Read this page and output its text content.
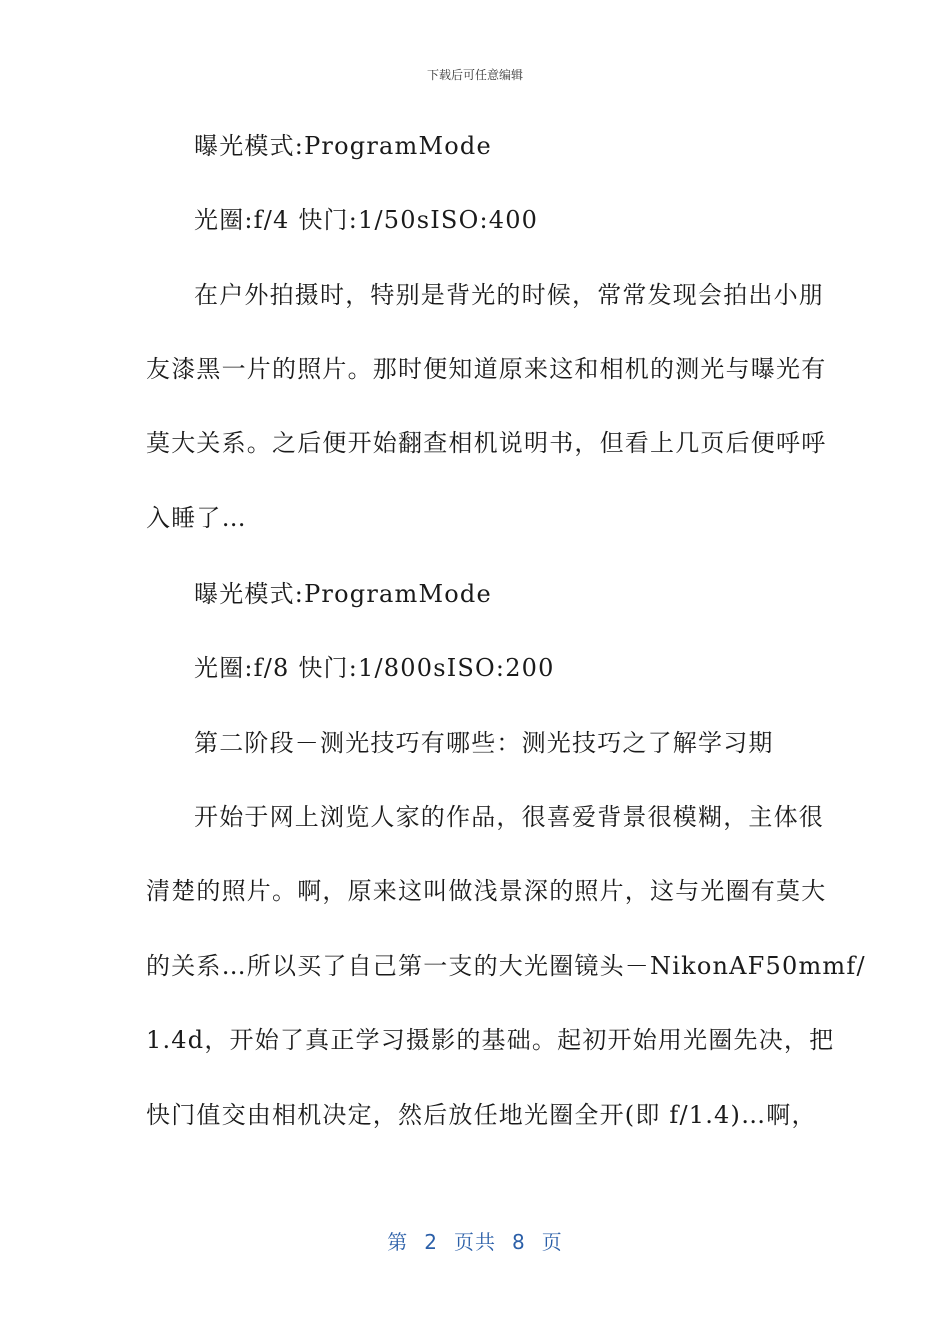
下载后可任意编辑
曝光模式:ProgramMode
光圈:f/4 快门:1/50sISO:400
在户外拍摄时，特别是背光的时候，常常发现会拍出小朋
友漆黑一片的照片。那时便知道原来这和相机的测光与曝光有
莫大关系。之后便开始翻查相机说明书，但看上几页后便呼呼
入睡了…
曝光模式:ProgramMode
光圈:f/8 快门:1/800sISO:200
第二阶段－测光技巧有哪些：测光技巧之了解学习期
开始于网上浏览人家的作品，很喜爱背景很模糊，主体很
清楚的照片。啊，原来这叫做浅景深的照片，这与光圈有莫大
的关系…所以买了自己第一支的大光圈镜头－NikonAF50mmf/
1.4d，开始了真正学习摄影的基础。起初开始用光圈先决，把
快门值交由相机决定，然后放任地光圈全开(即 f/1.4)…啊，
第 2 页共 8 页
